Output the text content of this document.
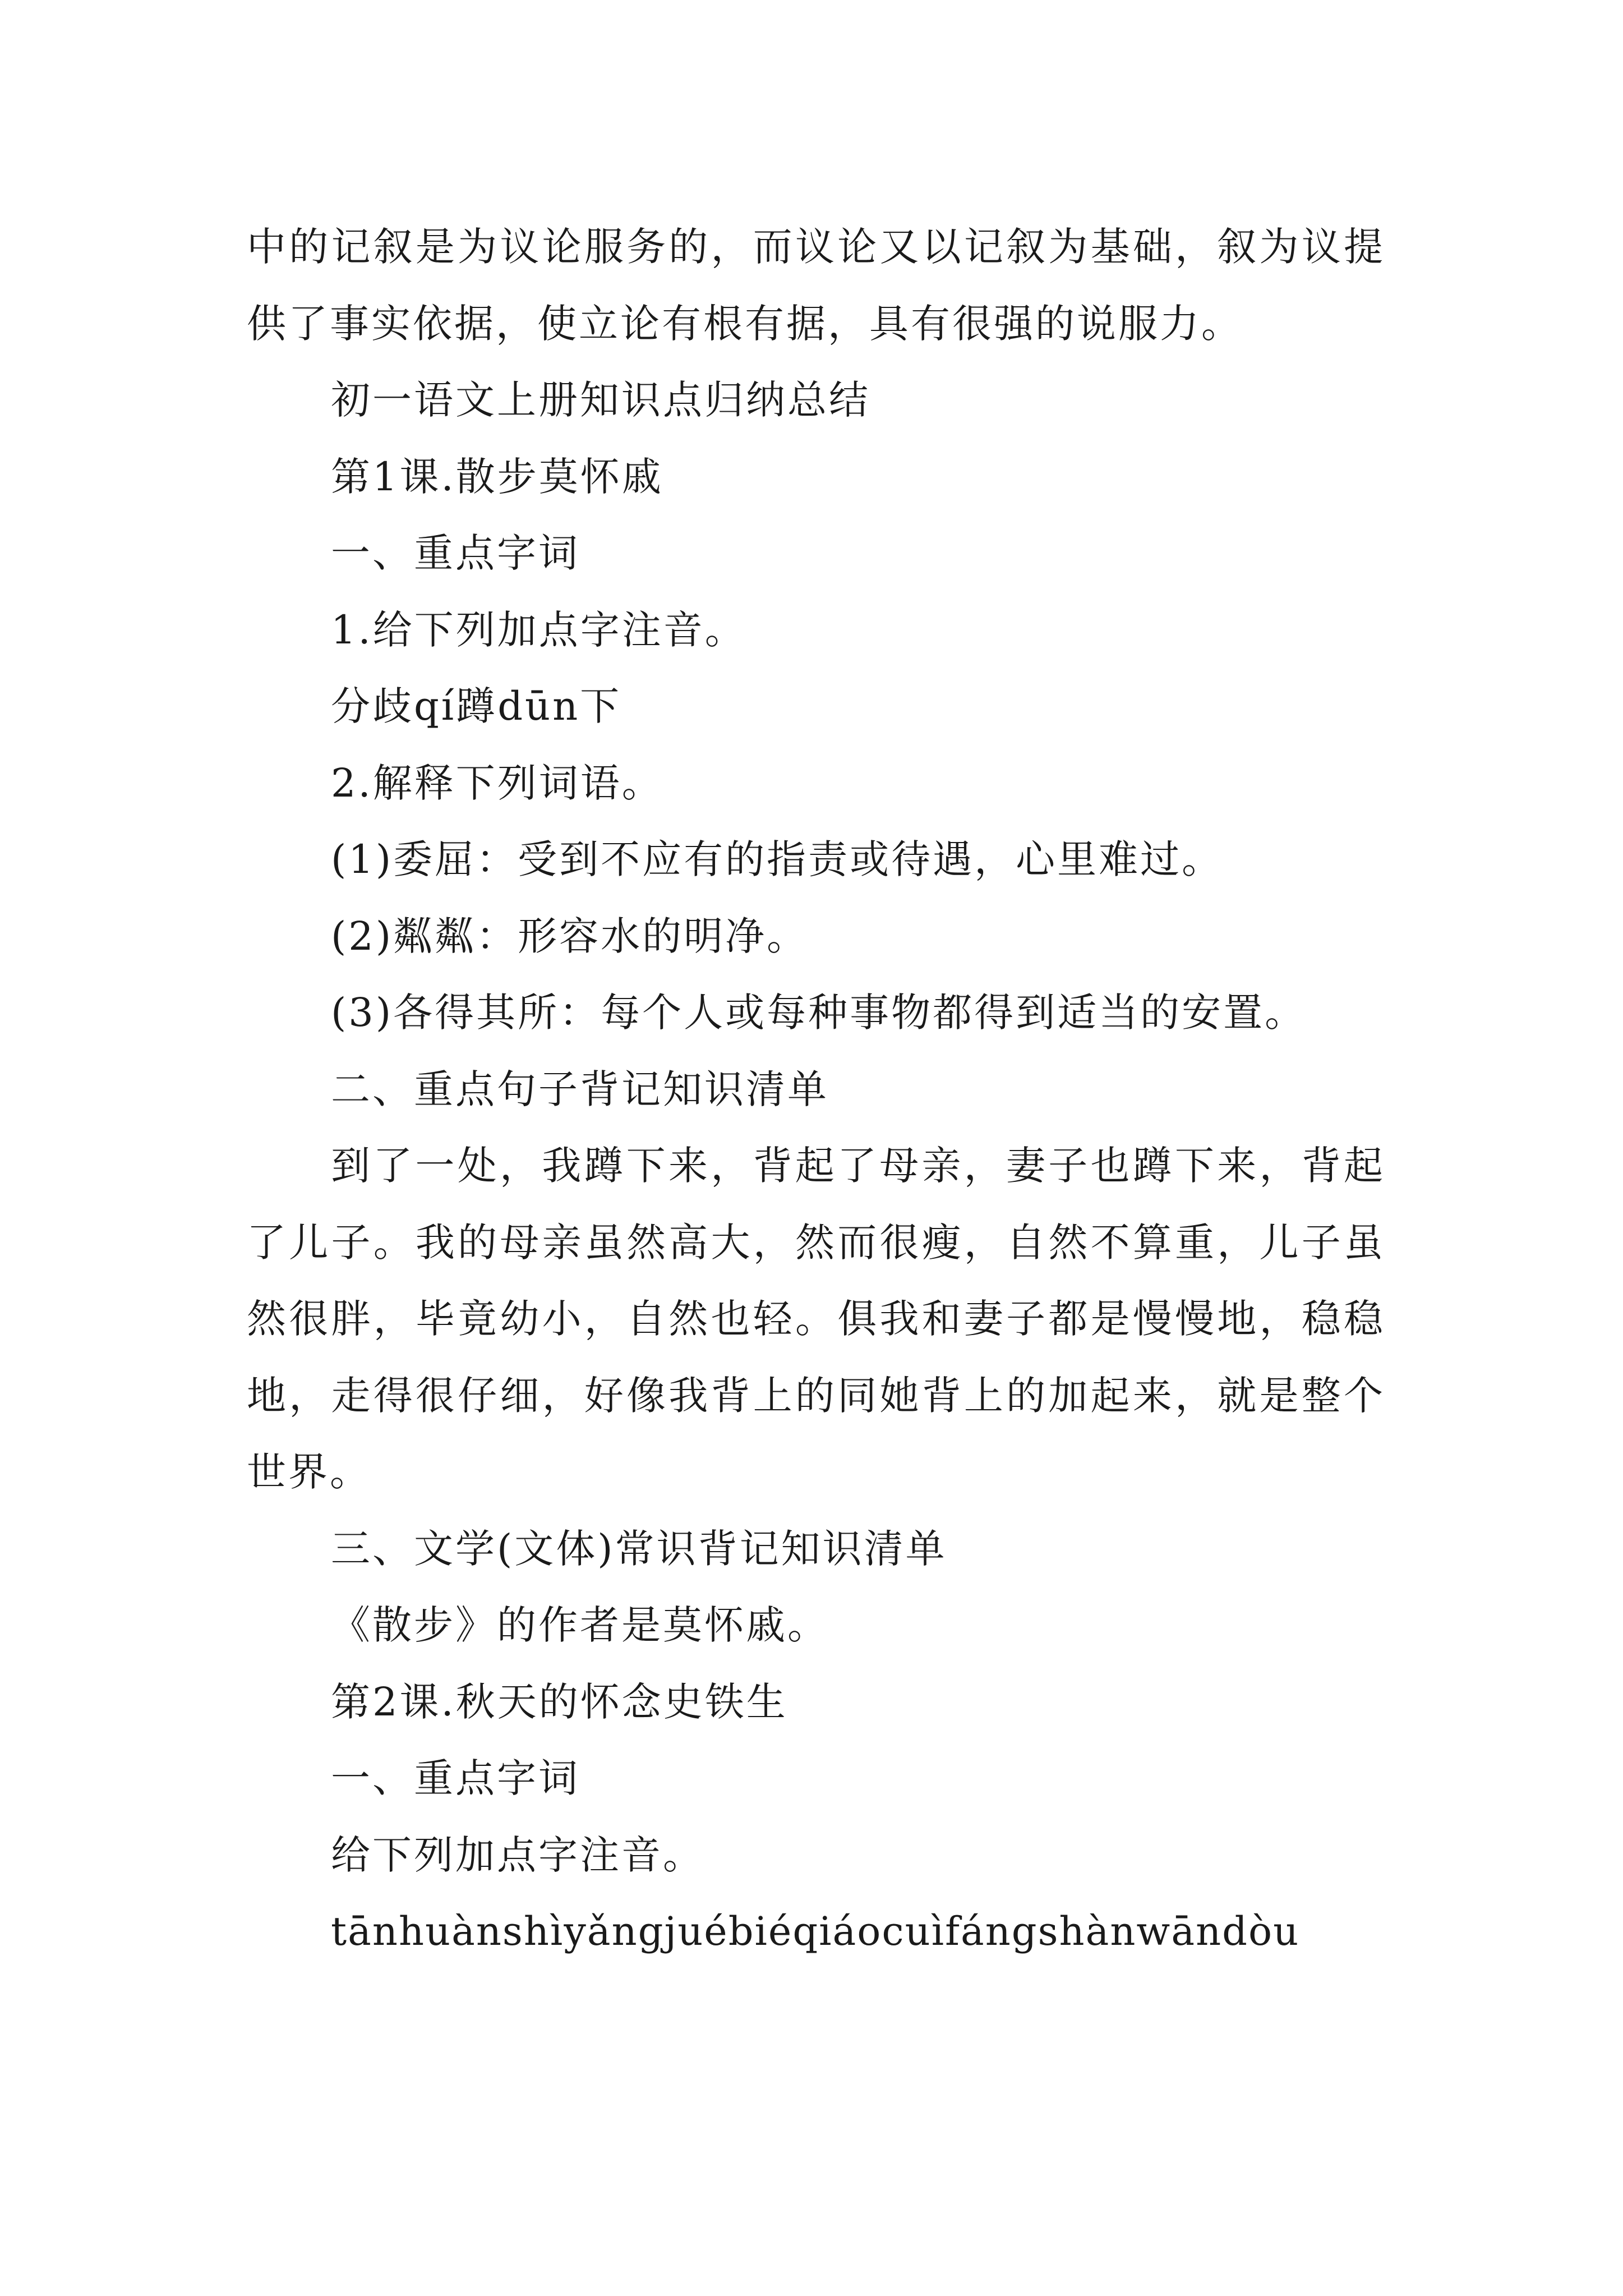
中的记叙是为议论服务的，而议论又以记叙为基础，叙为议提供了事实依据，使立论有根有据，具有很强的说服力。

初一语文上册知识点归纳总结

第1课.散步莫怀戚

一、重点字词

1.给下列加点字注音。

分歧qí蹲dūn下

2.解释下列词语。

(1)委屈：受到不应有的指责或待遇，心里难过。

(2)粼粼：形容水的明净。

(3)各得其所：每个人或每种事物都得到适当的安置。

二、重点句子背记知识清单

到了一处，我蹲下来，背起了母亲，妻子也蹲下来，背起了儿子。我的母亲虽然高大，然而很瘦，自然不算重，儿子虽然很胖，毕竟幼小，自然也轻。俱我和妻子都是慢慢地，稳稳地，走得很仔细，好像我背上的同她背上的加起来，就是整个世界。

三、文学(文体)常识背记知识清单

《散步》的作者是莫怀戚。

第2课.秋天的怀念史铁生

一、重点字词

给下列加点字注音。

tānhuànshìyǎngjuébiéqiáocuìfángshànwāndòu
